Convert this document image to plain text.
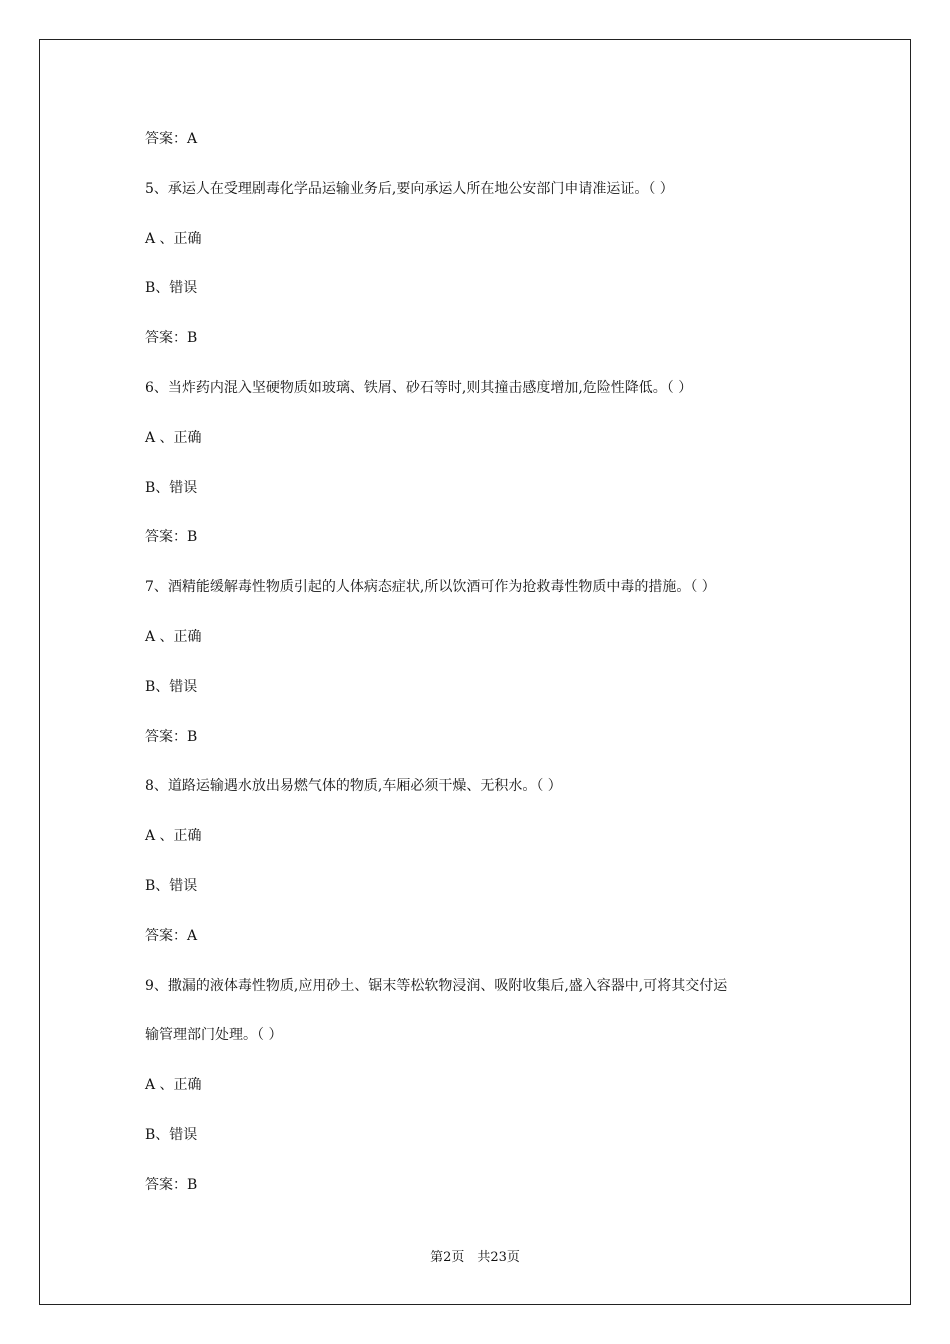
答案：A
5、承运人在受理剧毒化学品运输业务后,要向承运人所在地公安部门申请准运证。（ ）
A 、正确
B、错误
答案：B
6、当炸药内混入坚硬物质如玻璃、铁屑、砂石等时,则其撞击感度增加,危险性降低。（ ）
A 、正确
B、错误
答案：B
7、酒精能缓解毒性物质引起的人体病态症状,所以饮酒可作为抢救毒性物质中毒的措施。（ ）
A 、正确
B、错误
答案：B
8、道路运输遇水放出易燃气体的物质,车厢必须干燥、无积水。（ ）
A 、正确
B、错误
答案：A
9、撒漏的液体毒性物质,应用砂土、锯末等松软物浸润、吸附收集后,盛入容器中,可将其交付运
输管理部门处理。（ ）
A 、正确
B、错误
答案：B
第2页　共23页
